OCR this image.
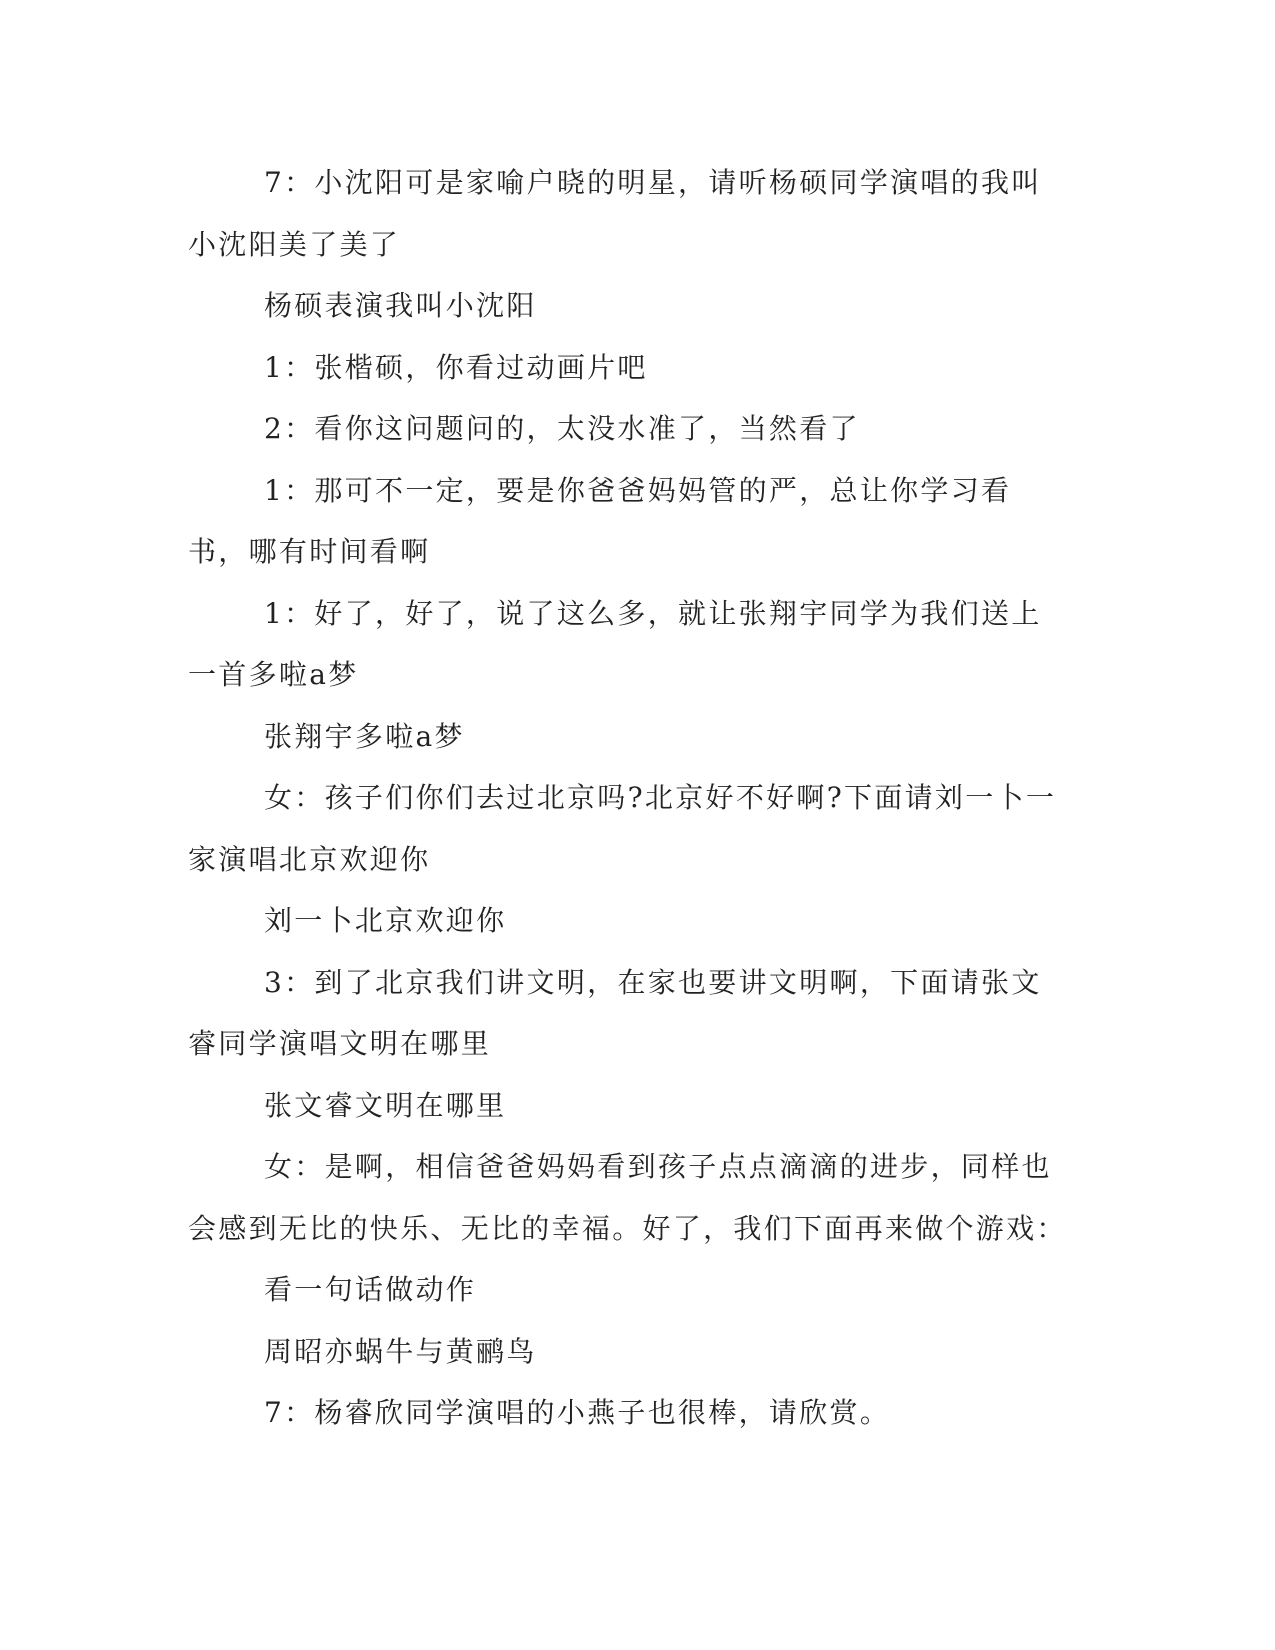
7：小沈阳可是家喻户晓的明星，请听杨硕同学演唱的我叫小沈阳美了美了

杨硕表演我叫小沈阳

1：张楷硕，你看过动画片吧

2：看你这问题问的，太没水准了，当然看了

1：那可不一定，要是你爸爸妈妈管的严，总让你学习看书，哪有时间看啊

1：好了，好了，说了这么多，就让张翔宇同学为我们送上一首多啦a梦

张翔宇多啦a梦

女：孩子们你们去过北京吗?北京好不好啊?下面请刘一卜一家演唱北京欢迎你

刘一卜北京欢迎你

3：到了北京我们讲文明，在家也要讲文明啊，下面请张文睿同学演唱文明在哪里

张文睿文明在哪里

女：是啊，相信爸爸妈妈看到孩子点点滴滴的进步，同样也会感到无比的快乐、无比的幸福。好了，我们下面再来做个游戏：

看一句话做动作

周昭亦蜗牛与黄鹂鸟

7：杨睿欣同学演唱的小燕子也很棒，请欣赏。
